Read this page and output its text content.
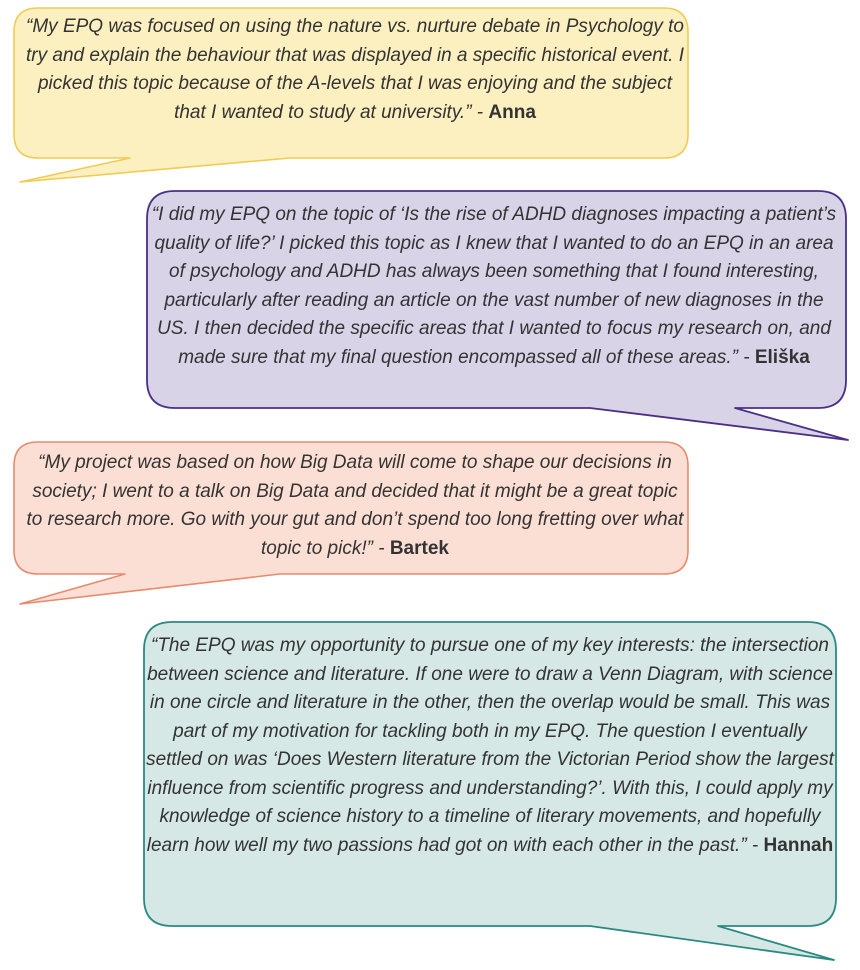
“My EPQ was focused on using the nature vs. nurture debate in Psychology to try and explain the behaviour that was displayed in a specific historical event. I picked this topic because of the A-levels that I was enjoying and the subject that I wanted to study at university.” - Anna
“I did my EPQ on the topic of ‘Is the rise of ADHD diagnoses impacting a patient’s quality of life?’ I picked this topic as I knew that I wanted to do an EPQ in an area of psychology and ADHD has always been something that I found interesting, particularly after reading an article on the vast number of new diagnoses in the US. I then decided the specific areas that I wanted to focus my research on, and made sure that my final question encompassed all of these areas.” - Eliška
“My project was based on how Big Data will come to shape our decisions in society; I went to a talk on Big Data and decided that it might be a great topic to research more. Go with your gut and don’t spend too long fretting over what topic to pick!” - Bartek
“The EPQ was my opportunity to pursue one of my key interests: the intersection between science and literature. If one were to draw a Venn Diagram, with science in one circle and literature in the other, then the overlap would be small. This was part of my motivation for tackling both in my EPQ. The question I eventually settled on was ‘Does Western literature from the Victorian Period show the largest influence from scientific progress and understanding?’. With this, I could apply my knowledge of science history to a timeline of literary movements, and hopefully learn how well my two passions had got on with each other in the past.” - Hannah
